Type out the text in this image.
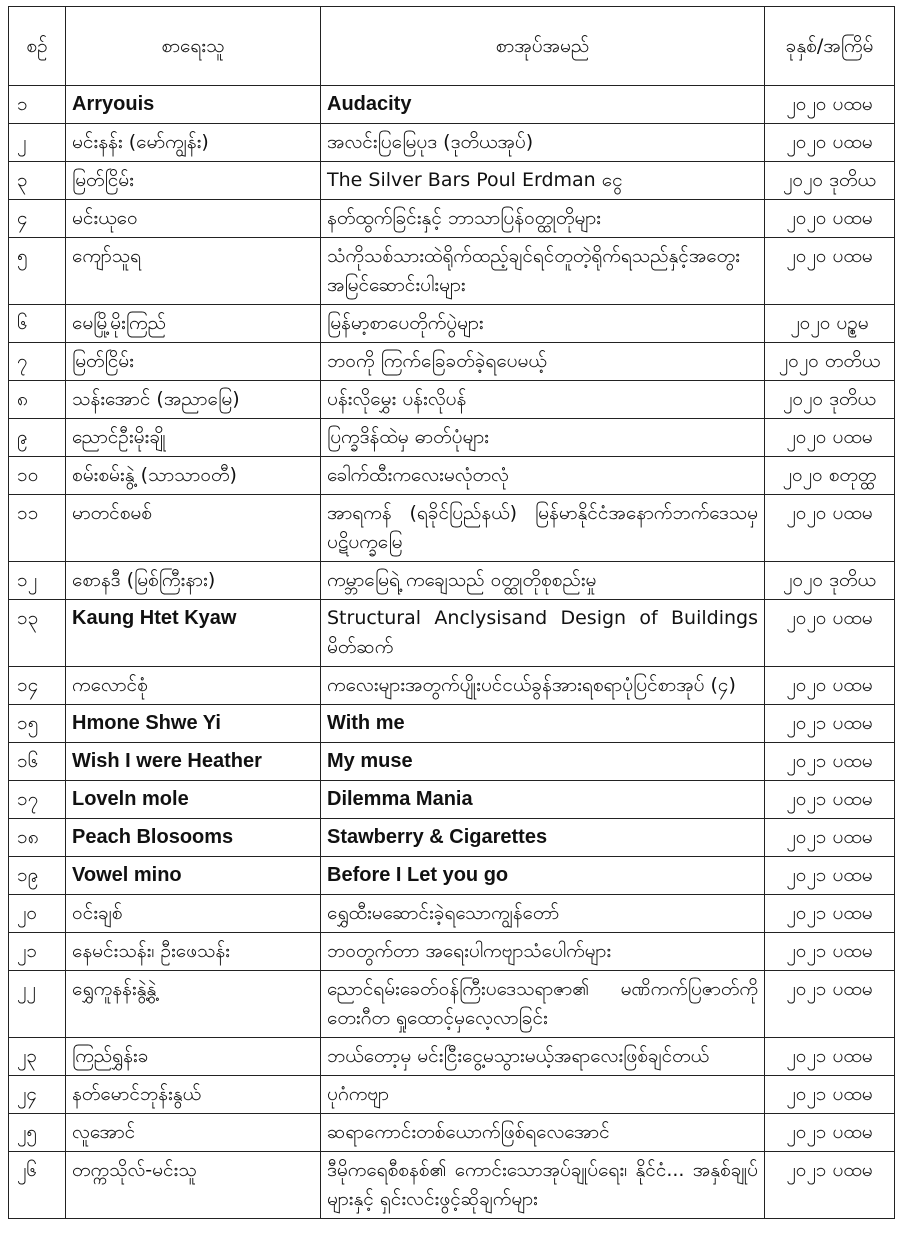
စဉ်	စာရေးသူ	စာအုပ်အမည်	ခုနှစ်/အကြိမ်
၁	Arryouis	Audacity	၂၀၂၀ ပထမ
၂	မင်းနန်း (မော်ကျွန်း)	အလင်းပြမြေပုဒ (ဒုတိယအုပ်)	၂၀၂၀ ပထမ
၃	မြတ်ငြိမ်း	The Silver Bars Poul Erdman ငွေ	၂၀၂၀ ဒုတိယ
၄	မင်းယုဝေ	နတ်ထွက်ခြင်းနှင့် ဘာသာပြန်ဝတ္ထုတိုများ	၂၀၂၀ ပထမ
၅	ကျော်သူရ	သံကိုသစ်သားထဲရိုက်ထည့်ချင်ရင်တူတဲ့ရိုက်ရသည်နှင့်အတွေးအမြင်ဆောင်းပါးများ	၂၀၂၀ ပထမ
၆	မေမြို့မိုးကြည်	မြန်မာ့စာပေတိုက်ပွဲများ	၂၀၂၀ ပဉ္စမ
၇	မြတ်ငြိမ်း	ဘဝကို ကြက်ခြေခတ်ခဲ့ရပေမယ့်	၂၀၂၀ တတိယ
၈	သန်းအောင် (အညာမြေ)	ပန်းလိုမွှေး ပန်းလိုပန်	၂၀၂၀ ဒုတိယ
၉	ညောင်ဦးမိုးချို	ပြက္ခဒိန်ထဲမှ ဓာတ်ပုံများ	၂၀၂၀ ပထမ
၁၀	စမ်းစမ်းနွဲ့ (သာသာဝတီ)	ခေါက်ထီးကလေးမလုံတလုံ	၂၀၂၀ စတုတ္ထ
၁၁	မာတင်စမစ်	အာရကန် (ရခိုင်ပြည်နယ်) မြန်မာနိုင်ငံအနောက်ဘက်ဒေသမှ ပဋိပက္ခမြေ	၂၀၂၀ ပထမ
၁၂	စောနဒီ (မြစ်ကြီးနား)	ကမ္ဘာမြေရဲ့ ကချေသည် ဝတ္ထုတိုစုစည်းမှု	၂၀၂၀ ဒုတိယ
၁၃	Kaung Htet Kyaw	Structural Anclysisand Design of Buildings မိတ်ဆက်	၂၀၂၀ ပထမ
၁၄	ကလောင်စုံ	ကလေးများအတွက်ပျိုးပင်ငယ်ခွန်အားရစရာပုံပြင်စာအုပ် (၄)	၂၀၂၀ ပထမ
၁၅	Hmone Shwe Yi	With me	၂၀၂၁ ပထမ
၁၆	Wish I were Heather	My muse	၂၀၂၁ ပထမ
၁၇	Loveln mole	Dilemma Mania	၂၀၂၁ ပထမ
၁၈	Peach Blosooms	Stawberry & Cigarettes	၂၀၂၁ ပထမ
၁၉	Vowel mino	Before I Let you go	၂၀၂၁ ပထမ
၂၀	ဝင်းချစ်	ရွှေထီးမဆောင်းခဲ့ရသောကျွန်တော်	၂၀၂၁ ပထမ
၂၁	နေမင်းသန်း၊ ဦးဖေသန်း	ဘဝတွက်တာ အရေးပါကဗျာသံပေါက်များ	၂၀၂၁ ပထမ
၂၂	ရွှေကူနန်းနွဲ့နွဲ့	ညောင်ရမ်းခေတ်ဝန်ကြီးပဒေသရာဇာ၏ မဏိကက်ပြဇာတ်ကို တေးဂီတ ရှုထောင့်မှလေ့လာခြင်း	၂၀၂၁ ပထမ
၂၃	ကြည်ရွှန်းခ	ဘယ်တော့မှ မင်းငြီးငွေ့မသွားမယ့်အရာလေးဖြစ်ချင်တယ်	၂၀၂၁ ပထမ
၂၄	နတ်မောင်ဘုန်းနွယ်	ပုဂံကဗျာ	၂၀၂၁ ပထမ
၂၅	လူအောင်	ဆရာကောင်းတစ်ယောက်ဖြစ်ရလေအောင်	၂၀၂၁ ပထမ
၂၆	တက္ကသိုလ်-မင်းသူ	ဒီမိုကရေစီစနစ်၏ ကောင်းသောအုပ်ချုပ်ရေး၊ နိုင်ငံ... အနှစ်ချုပ်များနှင့် ရှင်းလင်းဖွင့်ဆိုချက်များ	၂၀၂၁ ပထမ
